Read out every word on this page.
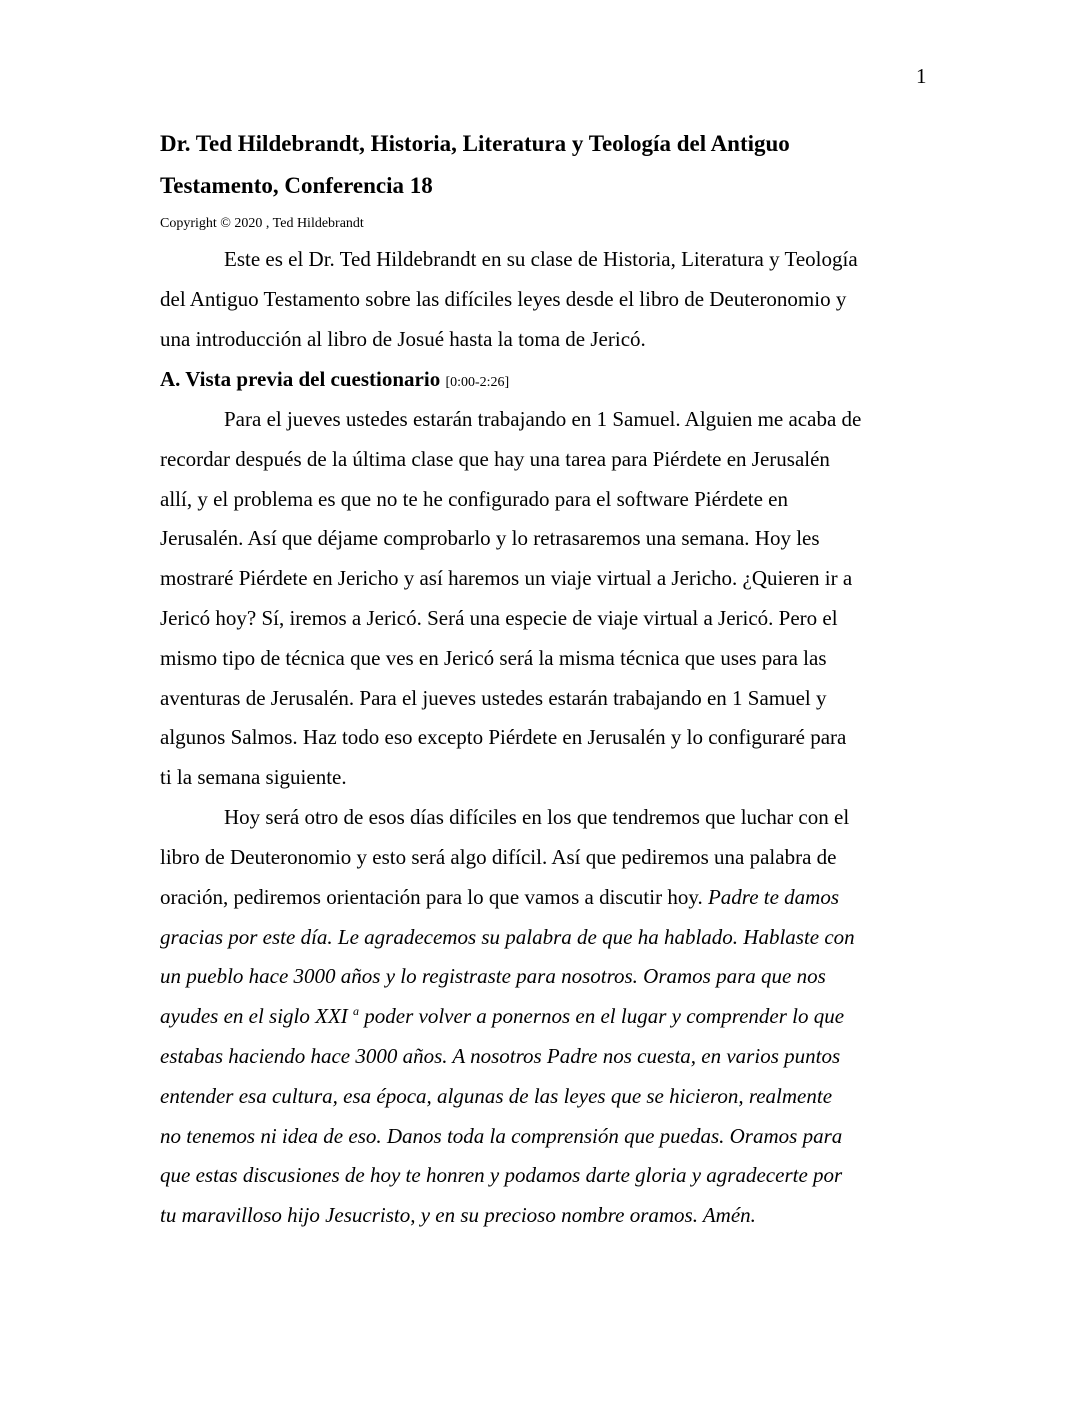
1
Dr. Ted Hildebrandt, Historia, Literatura y Teología del Antiguo
Testamento, Conferencia 18
Copyright © 2020 , Ted Hildebrandt
Este es el Dr. Ted Hildebrandt en su clase de Historia, Literatura y Teología
del Antiguo Testamento sobre las difíciles leyes desde el libro de Deuteronomio y
una introducción al libro de Josué hasta la toma de Jericó.
A. Vista previa del cuestionario [0:00-2:26]
Para el jueves ustedes estarán trabajando en 1 Samuel. Alguien me acaba de
recordar después de la última clase que hay una tarea para Piérdete en Jerusalén
allí, y el problema es que no te he configurado para el software Piérdete en
Jerusalén. Así que déjame comprobarlo y lo retrasaremos una semana. Hoy les
mostraré Piérdete en Jericho y así haremos un viaje virtual a Jericho. ¿Quieren ir a
Jericó hoy? Sí, iremos a Jericó. Será una especie de viaje virtual a Jericó. Pero el
mismo tipo de técnica que ves en Jericó será la misma técnica que uses para las
aventuras de Jerusalén. Para el jueves ustedes estarán trabajando en 1 Samuel y
algunos Salmos. Haz todo eso excepto Piérdete en Jerusalén y lo configuraré para
ti la semana siguiente.
Hoy será otro de esos días difíciles en los que tendremos que luchar con el
libro de Deuteronomio y esto será algo difícil. Así que pediremos una palabra de
oración, pediremos orientación para lo que vamos a discutir hoy. Padre te damos
gracias por este día. Le agradecemos su palabra de que ha hablado. Hablaste con
un pueblo hace 3000 años y lo registraste para nosotros. Oramos para que nos
ayudes en el siglo XXI $^a$ poder volver a ponernos en el lugar y comprender lo que
estabas haciendo hace 3000 años. A nosotros Padre nos cuesta, en varios puntos
entender esa cultura, esa época, algunas de las leyes que se hicieron, realmente
no tenemos ni idea de eso. Danos toda la comprensión que puedas. Oramos para
que estas discusiones de hoy te honren y podamos darte gloria y agradecerte por
tu maravilloso hijo Jesucristo, y en su precioso nombre oramos. Amén.
